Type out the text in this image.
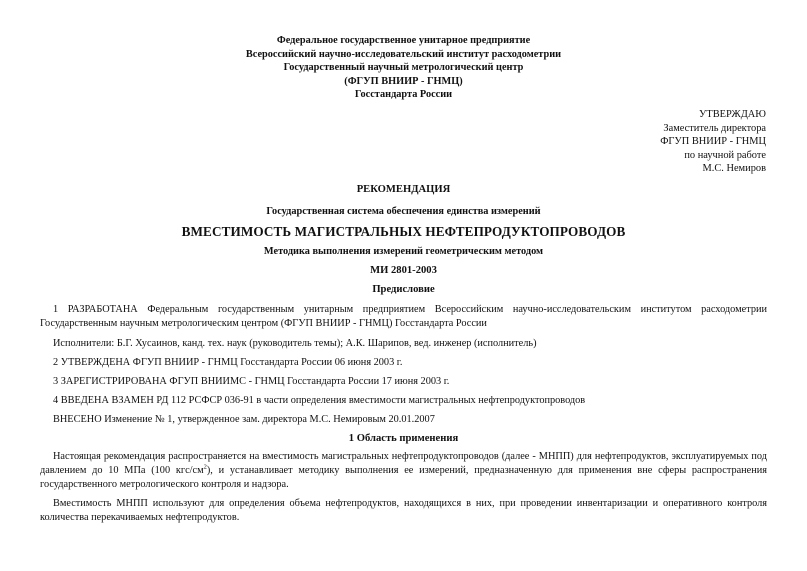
Федеральное государственное унитарное предприятие
Всероссийский научно-исследовательский институт расходометрии
Государственный научный метрологический центр
(ФГУП ВНИИР - ГНМЦ)
Госстандарта России
УТВЕРЖДАЮ
Заместитель директора
ФГУП ВНИИР - ГНМЦ
по научной работе
М.С. Немиров
РЕКОМЕНДАЦИЯ
Государственная система обеспечения единства измерений
ВМЕСТИМОСТЬ МАГИСТРАЛЬНЫХ НЕФТЕПРОДУКТОПРОВОДОВ
Методика выполнения измерений геометрическим методом
МИ 2801-2003
Предисловие
1 РАЗРАБОТАНА Федеральным государственным унитарным предприятием Всероссийским научно-исследовательским институтом расходометрии Государственным научным метрологическим центром (ФГУП ВНИИР - ГНМЦ) Госстандарта России
Исполнители: Б.Г. Хусаинов, канд. тех. наук (руководитель темы); А.К. Шарипов, вед. инженер (исполнитель)
2 УТВЕРЖДЕНА ФГУП ВНИИР - ГНМЦ Госстандарта России 06 июня 2003 г.
3 ЗАРЕГИСТРИРОВАНА ФГУП ВНИИМС - ГНМЦ Госстандарта России 17 июня 2003 г.
4 ВВЕДЕНА ВЗАМЕН РД 112 РСФСР 036-91 в части определения вместимости магистральных нефтепродуктопроводов
ВНЕСЕНО Изменение № 1, утвержденное зам. директора М.С. Немировым 20.01.2007
1 Область применения
Настоящая рекомендация распространяется на вместимость магистральных нефтепродуктопроводов (далее - МНПП) для нефтепродуктов, эксплуатируемых под давлением до 10 МПа (100 кгс/$см^2$), и устанавливает методику выполнения ее измерений, предназначенную для применения вне сферы распространения государственного метрологического контроля и надзора.
Вместимость МНПП используют для определения объема нефтепродуктов, находящихся в них, при проведении инвентаризации и оперативного контроля количества перекачиваемых нефтепродуктов.
